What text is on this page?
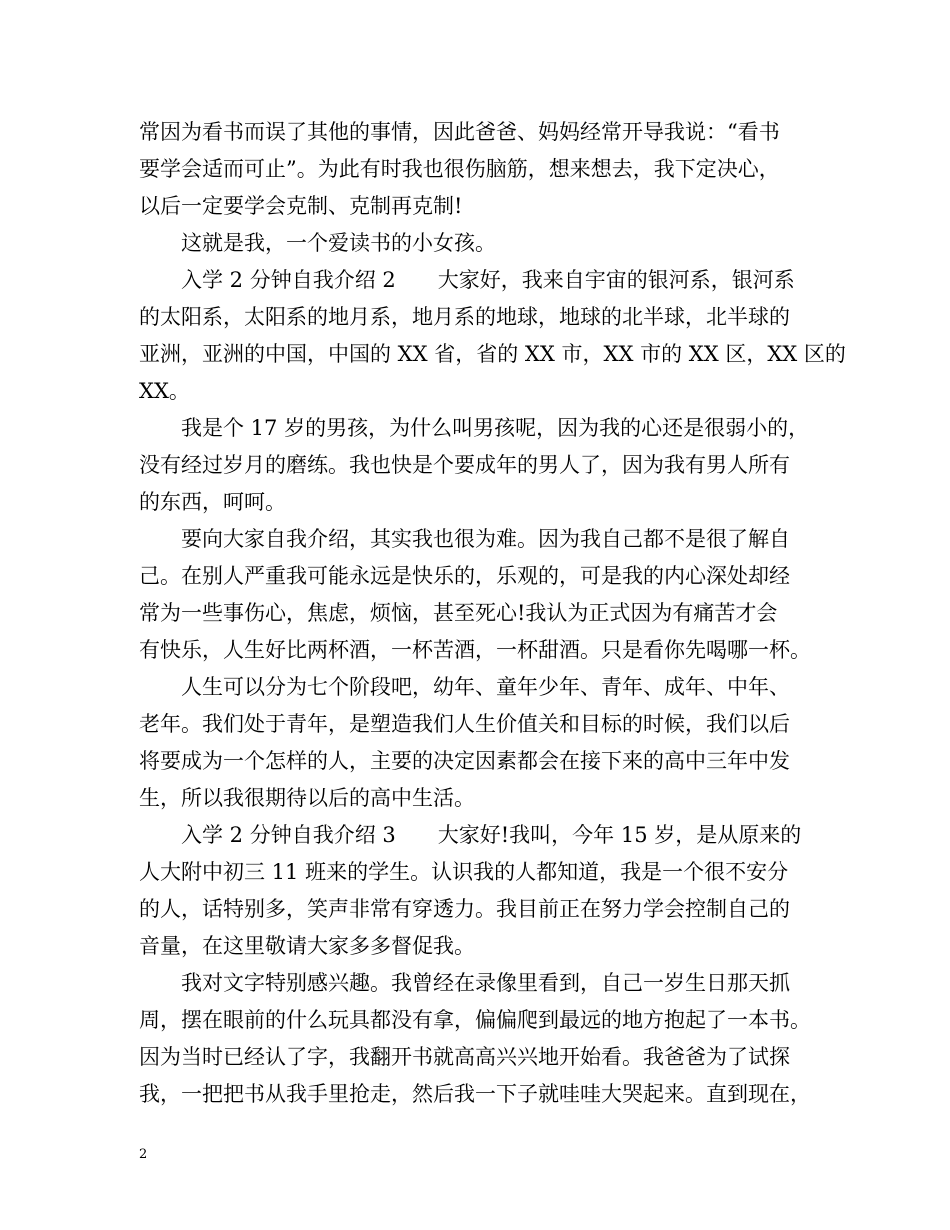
常因为看书而误了其他的事情，因此爸爸、妈妈经常开导我说：“看书
要学会适而可止”。为此有时我也很伤脑筋，想来想去，我下定决心，
以后一定要学会克制、克制再克制!
这就是我，一个爱读书的小女孩。
入学 2 分钟自我介绍 2　　大家好，我来自宇宙的银河系，银河系
的太阳系，太阳系的地月系，地月系的地球，地球的北半球，北半球的
亚洲，亚洲的中国，中国的 XX 省，省的 XX 市，XX 市的 XX 区，XX 区的
XX。
我是个 17 岁的男孩，为什么叫男孩呢，因为我的心还是很弱小的，
没有经过岁月的磨练。我也快是个要成年的男人了，因为我有男人所有
的东西，呵呵。
要向大家自我介绍，其实我也很为难。因为我自己都不是很了解自
己。在别人严重我可能永远是快乐的，乐观的，可是我的内心深处却经
常为一些事伤心，焦虑，烦恼，甚至死心!我认为正式因为有痛苦才会
有快乐，人生好比两杯酒，一杯苦酒，一杯甜酒。只是看你先喝哪一杯。
人生可以分为七个阶段吧，幼年、童年少年、青年、成年、中年、
老年。我们处于青年，是塑造我们人生价值关和目标的时候，我们以后
将要成为一个怎样的人，主要的决定因素都会在接下来的高中三年中发
生，所以我很期待以后的高中生活。
入学 2 分钟自我介绍 3　　大家好!我叫，今年 15 岁，是从原来的
人大附中初三 11 班来的学生。认识我的人都知道，我是一个很不安分
的人，话特别多，笑声非常有穿透力。我目前正在努力学会控制自己的
音量，在这里敬请大家多多督促我。
我对文字特别感兴趣。我曾经在录像里看到，自己一岁生日那天抓
周，摆在眼前的什么玩具都没有拿，偏偏爬到最远的地方抱起了一本书。
因为当时已经认了字，我翻开书就高高兴兴地开始看。我爸爸为了试探
我，一把把书从我手里抢走，然后我一下子就哇哇大哭起来。直到现在，
2
